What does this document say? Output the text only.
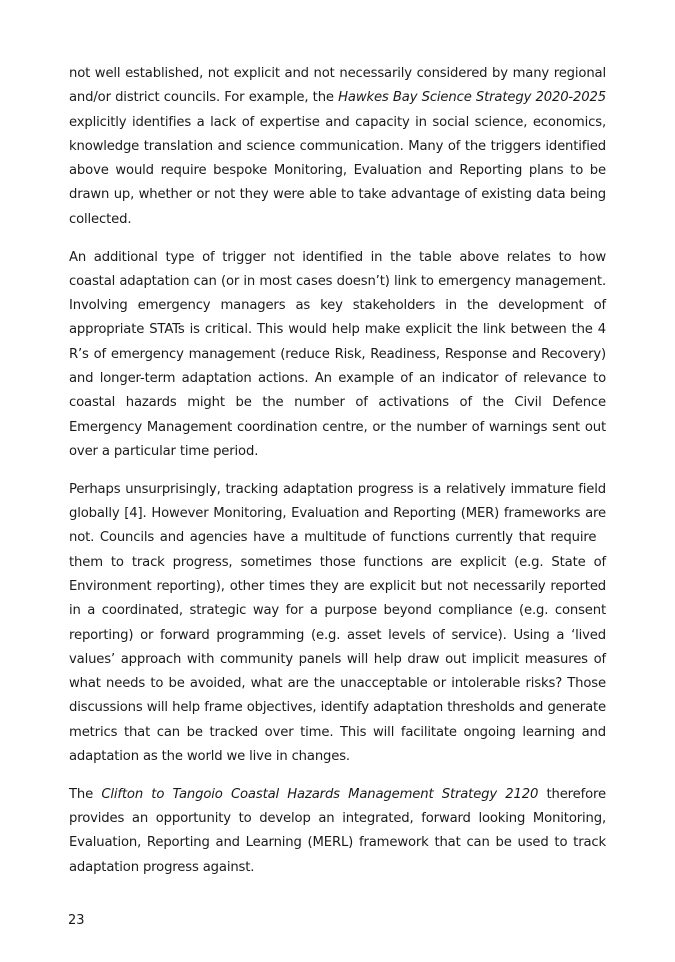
not well established, not explicit and not necessarily considered by many regional and/or district councils. For example, the Hawkes Bay Science Strategy 2020-2025 explicitly identifies a lack of expertise and capacity in social science, economics, knowledge translation and science communication. Many of the triggers identified above would require bespoke Monitoring, Evaluation and Reporting plans to be drawn up, whether or not they were able to take advantage of existing data being collected.

An additional type of trigger not identified in the table above relates to how coastal adaptation can (or in most cases doesn’t) link to emergency management. Involving emergency managers as key stakeholders in the development of appropriate STATs is critical. This would help make explicit the link between the 4 R’s of emergency management (reduce Risk, Readiness, Response and Recovery) and longer-term adaptation actions. An example of an indicator of relevance to coastal hazards might be the number of activations of the Civil Defence Emergency Management coordination centre, or the number of warnings sent out over a particular time period.

Perhaps unsurprisingly, tracking adaptation progress is a relatively immature field globally [4]. However Monitoring, Evaluation and Reporting (MER) frameworks are not. Councils and agencies have a multitude of functions currently that require   them to track progress, sometimes those functions are explicit (e.g. State of Environment reporting), other times they are explicit but not necessarily reported in a coordinated, strategic way for a purpose beyond compliance (e.g. consent reporting) or forward programming (e.g. asset levels of service). Using a ‘lived values’ approach with community panels will help draw out implicit measures of what needs to be avoided, what are the unacceptable or intolerable risks? Those discussions will help frame objectives, identify adaptation thresholds and generate metrics that can be tracked over time. This will facilitate ongoing learning and adaptation as the world we live in changes.

The Clifton to Tangoio Coastal Hazards Management Strategy 2120 therefore provides an opportunity to develop an integrated, forward looking Monitoring, Evaluation, Reporting and Learning (MERL) framework that can be used to track adaptation progress against.

23
